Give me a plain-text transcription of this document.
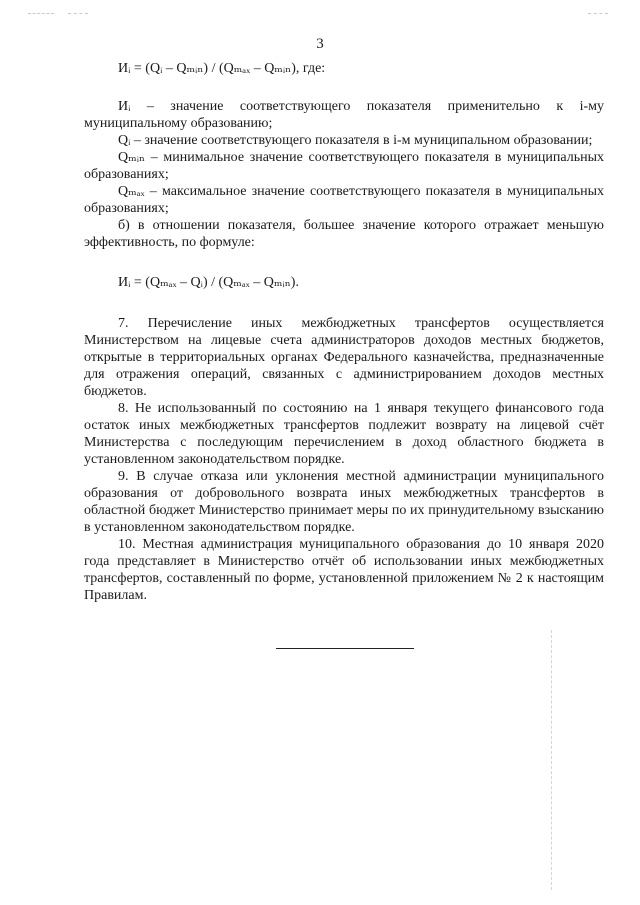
3

Иᵢ = (Qᵢ – Qₘᵢₙ) / (Qₘₐₓ – Qₘᵢₙ), где:

Иᵢ – значение соответствующего показателя применительно к i-му муниципальному образованию;

Qᵢ – значение соответствующего показателя в i-м муниципальном образовании;

Qₘᵢₙ – минимальное значение соответствующего показателя в муниципальных образованиях;

Qₘₐₓ – максимальное значение соответствующего показателя в муниципальных образованиях;

б) в отношении показателя, большее значение которого отражает меньшую эффективность, по формуле:

Иᵢ = (Qₘₐₓ – Qᵢ) / (Qₘₐₓ – Qₘᵢₙ).

7. Перечисление иных межбюджетных трансфертов осуществляется Министерством на лицевые счета администраторов доходов местных бюджетов, открытые в территориальных органах Федерального казначейства, предназначенные для отражения операций, связанных с администрированием доходов местных бюджетов.

8. Не использованный по состоянию на 1 января текущего финансового года остаток иных межбюджетных трансфертов подлежит возврату на лицевой счёт Министерства с последующим перечислением в доход областного бюджета в установленном законодательством порядке.

9. В случае отказа или уклонения местной администрации муниципального образования от добровольного возврата иных межбюджетных трансфертов в областной бюджет Министерство принимает меры по их принудительному взысканию в установленном законодательством порядке.

10. Местная администрация муниципального образования до 10 января 2020 года представляет в Министерство отчёт об использовании иных межбюджетных трансфертов, составленный по форме, установленной приложением № 2 к настоящим Правилам.
